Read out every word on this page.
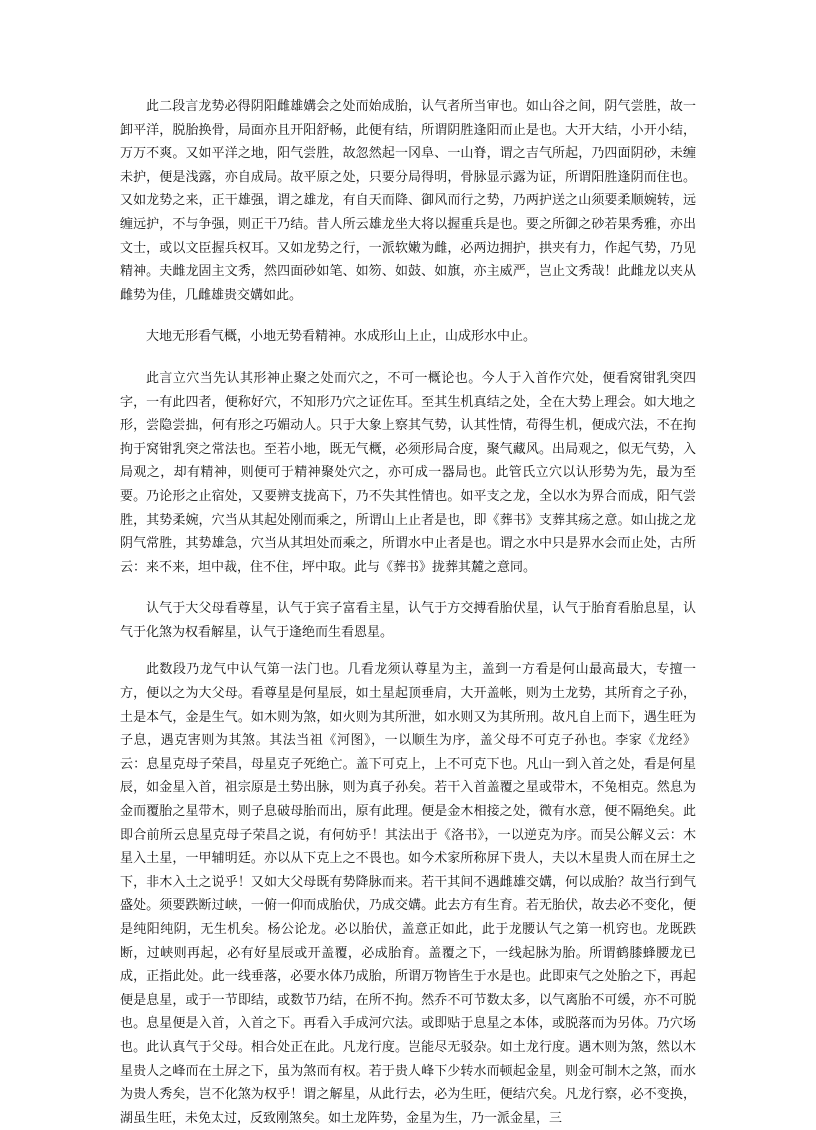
此二段言龙势必得阴阳雌雄媾会之处而始成胎，认气者所当审也。如山谷之间，阴气尝胜，故一卸平洋，脱胎换骨，局面亦且开阳舒畅，此便有结，所谓阴胜逢阳而止是也。大开大结，小开小结，万万不爽。又如平洋之地，阳气尝胜，故忽然起一冈阜、一山脊，谓之吉气所起，乃四面阴砂，未缠未护，便是浅露，亦自成局。故平原之处，只要分局得明，骨脉显示露为证，所谓阳胜逢阴而住也。又如龙势之来，正干雄强，谓之雄龙，有自天而降、御风而行之势，乃两护送之山须要柔顺婉转，远缠远护，不与争强，则正干乃结。昔人所云雄龙坐大将以握重兵是也。要之所御之砂若果秀雅，亦出文士，或以文臣握兵权耳。又如龙势之行，一派软嫩为雌，必两边拥护，拱夹有力，作起气势，乃见精神。夫雌龙固主文秀，然四面砂如笔、如笏、如鼓、如旗，亦主威严，岂止文秀哉！此雌龙以夹从雌势为佳，几雌雄贵交媾如此。

大地无形看气概，小地无势看精神。水成形山上止，山成形水中止。

此言立穴当先认其形神止聚之处而穴之，不可一概论也。今人于入首作穴处，便看窝钳乳突四字，一有此四者，便称好穴，不知形乃穴之证佐耳。至其生机真结之处，全在大势上理会。如大地之形，尝隐尝拙，何有形之巧媚动人。只于大象上察其气势，认其性情，苟得生机，便成穴法，不在拘拘于窝钳乳突之常法也。至若小地，既无气概，必须形局合度，聚气藏风。出局观之，似无气势，入局观之，却有精神，则便可于精神聚处穴之，亦可成一器局也。此管氏立穴以认形势为先，最为至要。乃论形之止宿处，又要辨支拢高下，乃不失其性情也。如平支之龙，全以水为界合而成，阳气尝胜，其势柔婉，穴当从其起处刚而乘之，所谓山上止者是也，即《葬书》支葬其疡之意。如山拢之龙阴气常胜，其势雄急，穴当从其坦处而乘之，所谓水中止者是也。谓之水中只是界水会而止处，古所云：来不来，坦中裁，住不住，坪中取。此与《葬书》拢葬其麓之意同。

认气于大父母看尊星，认气于宾子富看主星，认气于方交搏看胎伏星，认气于胎育看胎息星，认气于化煞为权看解星，认气于逢绝而生看恩星。

此数段乃龙气中认气第一法门也。几看龙须认尊星为主，盖到一方看是何山最高最大，专擅一方，便以之为大父母。看尊星是何星辰，如土星起顶垂肩，大开盖帐，则为土龙势，其所育之子孙，土是本气，金是生气。如木则为煞，如火则为其所泄，如水则又为其所刑。故凡自上而下，遇生旺为子息，遇克害则为其煞。其法当祖《河图》，一以顺生为序，盖父母不可克子孙也。李家《龙经》云：息星克母子荣昌，母星克子死绝亡。盖下可克上，上不可克下也。凡山一到入首之处，看是何星辰，如金星入首，祖宗原是土势出脉，则为真子孙矣。若干入首盖覆之星或带木，不兔相克。然息为金而覆胎之星带木，则子息破母胎而出，原有此理。便是金木相接之处，微有水意，便不隔绝矣。此即合前所云息星克母子荣昌之说，有何妨乎！其法出于《洛书》，一以逆克为序。而吴公解义云：木星入土星，一甲辅明廷。亦以从下克上之不畏也。如今术家所称屏下贵人，夫以木星贵人而在屏土之下，非木入土之说乎！又如大父母既有势降脉而来。若干其间不遇雌雄交媾，何以成胎？故当行到气盛处。须要跌断过峡，一俯一仰而成胎伏，乃成交媾。此去方有生育。若无胎伏，故去必不变化，便是纯阳纯阴，无生机矣。杨公论龙。必以胎伏，盖意正如此，此于龙腰认气之第一机窍也。龙既跌断，过峡则再起，必有好星辰或开盖覆，必成胎育。盖覆之下，一线起脉为胎。所谓鹤膝蜂腰龙已成，正指此处。此一线垂落，必要水体乃成胎，所谓万物皆生于水是也。此即束气之处胎之下，再起便是息星，或于一节即结，或数节乃结，在所不拘。然乔不可节数太多，以气离胎不可缓，亦不可脱也。息星便是入首，入首之下。再看入手成河穴法。或即贴于息星之本体，或脱落而为另体。乃穴场也。此认真气于父母。相合处正在此。凡龙行度。岂能尽无驳杂。如土龙行度。遇木则为煞，然以木星贵人之峰而在土屏之下，虽为煞而有权。若于贵人峰下少转水而顿起金星，则金可制木之煞，而水为贵人秀矣，岂不化煞为权乎！谓之解星，从此行去，必为生旺，便结穴矣。凡龙行察，必不变换，湖虽生旺，未免太过，反致刚煞矣。如土龙阵势，金星为生，乃一派金星，三
